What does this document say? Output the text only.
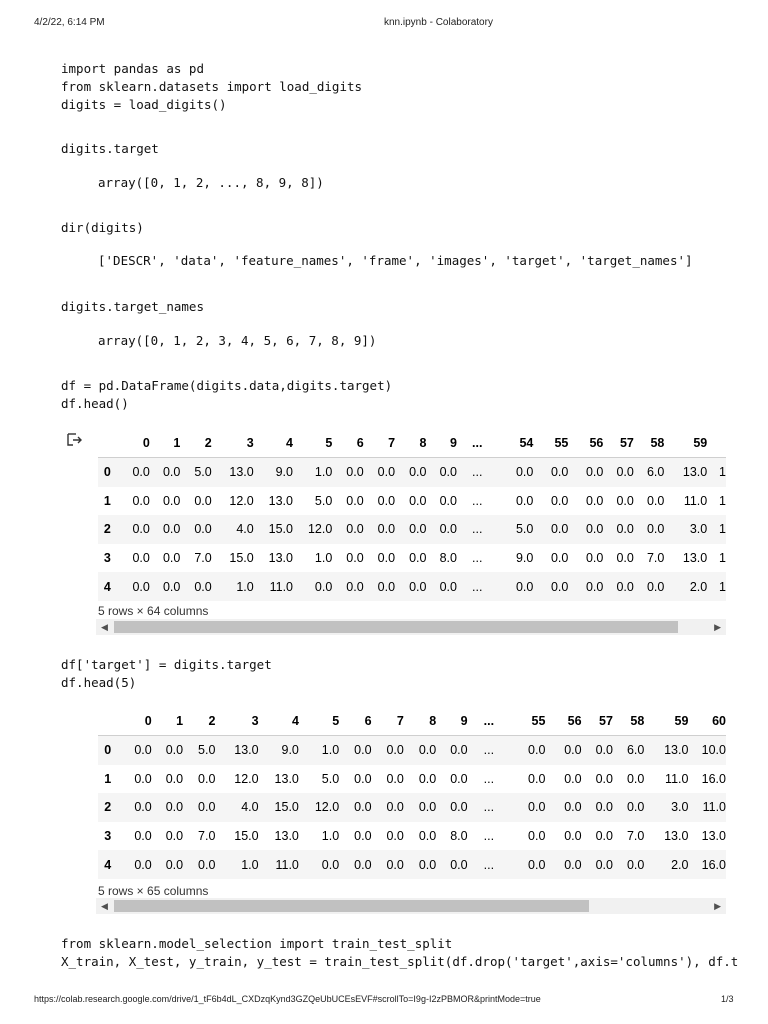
4/2/22, 6:14 PM	knn.ipynb - Colaboratory
import pandas as pd
from sklearn.datasets import load_digits
digits = load_digits()
digits.target
array([0, 1, 2, ..., 8, 9, 8])
dir(digits)
['DESCR', 'data', 'feature_names', 'frame', 'images', 'target', 'target_names']
digits.target_names
array([0, 1, 2, 3, 4, 5, 6, 7, 8, 9])
df = pd.DataFrame(digits.data,digits.target)
df.head()
	0	1	2	3	4	5	6	7	8	9	...	54	55	56	57	58	59	
0	0.0	0.0	5.0	13.0	9.0	1.0	0.0	0.0	0.0	0.0	...	0.0	0.0	0.0	0.0	6.0	13.0	1
1	0.0	0.0	0.0	12.0	13.0	5.0	0.0	0.0	0.0	0.0	...	0.0	0.0	0.0	0.0	0.0	11.0	1
2	0.0	0.0	0.0	4.0	15.0	12.0	0.0	0.0	0.0	0.0	...	5.0	0.0	0.0	0.0	0.0	3.0	1
3	0.0	0.0	7.0	15.0	13.0	1.0	0.0	0.0	0.0	8.0	...	9.0	0.0	0.0	0.0	7.0	13.0	1
4	0.0	0.0	0.0	1.0	11.0	0.0	0.0	0.0	0.0	0.0	...	0.0	0.0	0.0	0.0	0.0	2.0	1
5 rows × 64 columns
◀	▶
df['target'] = digits.target
df.head(5)
	0	1	2	3	4	5	6	7	8	9	...	55	56	57	58	59	60
0	0.0	0.0	5.0	13.0	9.0	1.0	0.0	0.0	0.0	0.0	...	0.0	0.0	0.0	6.0	13.0	10.0
1	0.0	0.0	0.0	12.0	13.0	5.0	0.0	0.0	0.0	0.0	...	0.0	0.0	0.0	0.0	11.0	16.0
2	0.0	0.0	0.0	4.0	15.0	12.0	0.0	0.0	0.0	0.0	...	0.0	0.0	0.0	0.0	3.0	11.0
3	0.0	0.0	7.0	15.0	13.0	1.0	0.0	0.0	0.0	8.0	...	0.0	0.0	0.0	7.0	13.0	13.0
4	0.0	0.0	0.0	1.0	11.0	0.0	0.0	0.0	0.0	0.0	...	0.0	0.0	0.0	0.0	2.0	16.0
5 rows × 65 columns
◀	▶
from sklearn.model_selection import train_test_split
X_train, X_test, y_train, y_test = train_test_split(df.drop('target',axis='columns'), df.t
https://colab.research.google.com/drive/1_tF6b4dL_CXDzqKynd3GZQeUbUCEsEVF#scrollTo=I9g-I2zPBMOR&printMode=true	1/3
